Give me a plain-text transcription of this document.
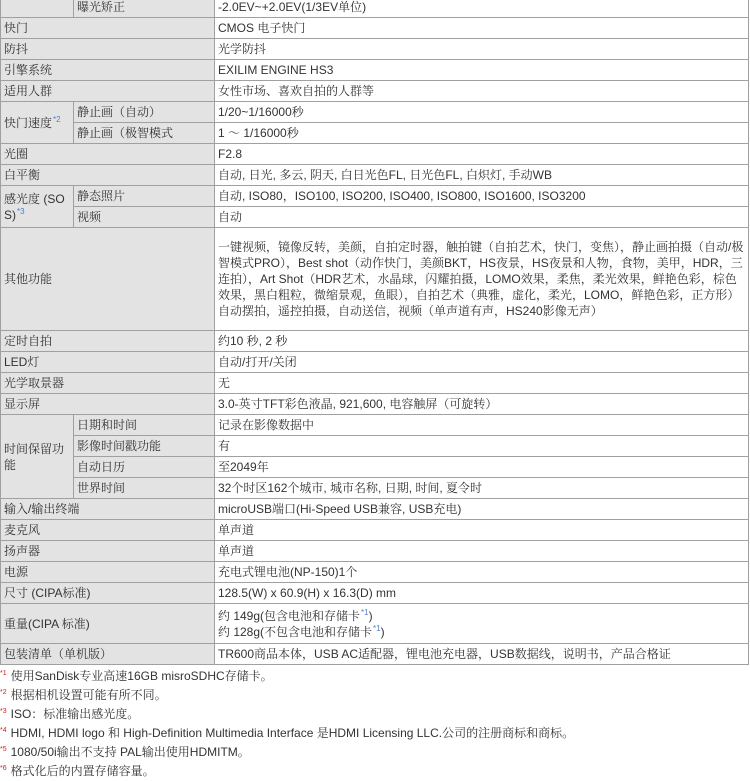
	曝光矫正	-2.0EV~+2.0EV(1/3EV单位)
快门		CMOS 电子快门
防抖		光学防抖
引擎系统		EXILIM ENGINE HS3
适用人群		女性市场、喜欢自拍的人群等
快门速度$^{*2}$	静止画（自动）	1/20~1/16000秒
	静止画（极智模式	1 ～ 1/16000秒
光圈		F2.8
白平衡		自动, 日光, 多云, 阴天, 白日光色FL, 日光色FL, 白炽灯, 手动WB
感光度 (SOS)$^{*3}$	静态照片	自动, ISO80，ISO100, ISO200, ISO400, ISO800, ISO1600, ISO3200
	视频	自动
其他功能		一键视频，镜像反转，美颜，自拍定时器，触拍键（自拍艺术，快门，变焦），静止画拍摄（自动/极智模式PRO），Best shot（动作快门，美颜BKT，HS夜景，HS夜景和人物，食物，美甲，HDR，三连拍），Art Shot（HDR艺术，水晶球，闪耀拍摄，LOMO效果，柔焦，柔光效果，鲜艳色彩，棕色效果，黑白粗粒，微缩景观，鱼眼），自拍艺术（典雅，虚化，柔光，LOMO，鲜艳色彩，正方形）自动摆拍，遥控拍摄，自动送信，视频（单声道有声，HS240影像无声）
定时自拍		约10 秒, 2 秒
LED灯		自动/打开/关闭
光学取景器		无
显示屏		3.0-英寸TFT彩色液晶, 921,600, 电容触屏（可旋转）
时间保留功能	日期和时间	记录在影像数据中
	影像时间戳功能	有
	自动日历	至2049年
	世界时间	32个时区162个城市, 城市名称, 日期, 时间, 夏令时
输入/输出终端		microUSB端口(Hi-Speed USB兼容, USB充电)
麦克风		单声道
扬声器		单声道
电源		充电式锂电池(NP-150)1个
尺寸 (CIPA标准)		128.5(W) x 60.9(H) x 16.3(D) mm
重量(CIPA 标准)		约 149g(包含电池和存储卡$^{*1}$)
约 128g(不包含电池和存储卡$^{*1}$)

包装清单（单机版）		TR600商品本体，USB AC适配器，锂电池充电器，USB数据线，说明书，产品合格证
$^{*1}$ 使用SanDisk专业高速16GB misroSDHC存储卡。
$^{*2}$ 根据相机设置可能有所不同。
$^{*3}$ ISO：标准输出感光度。
$^{*4}$ HDMI, HDMI logo 和 High-Definition Multimedia Interface 是HDMI Licensing LLC.公司的注册商标和商标。
$^{*5}$ 1080/50i输出不支持 PAL输出使用HDMITM。
$^{*6}$ 格式化后的内置存储容量。
